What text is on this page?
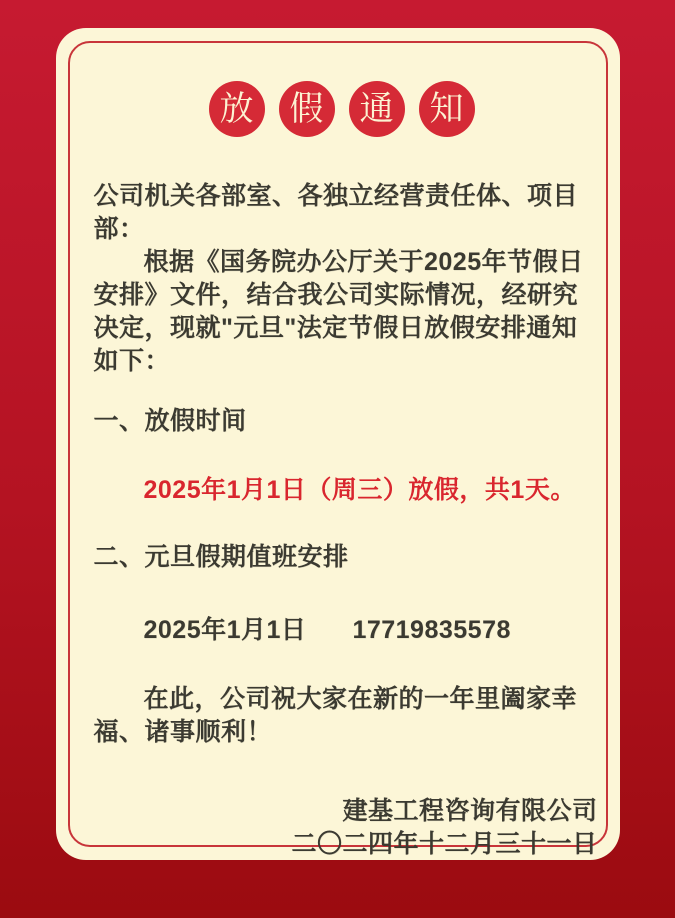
放 假 通 知

公司机关各部室、各独立经营责任体、项目部：

根据《国务院办公厅关于2025年节假日安排》文件，结合我公司实际情况，经研究决定，现就"元旦"法定节假日放假安排通知如下：

一、放假时间

2025年1月1日（周三）放假，共1天。

二、元旦假期值班安排

2025年1月1日 17719835578

在此，公司祝大家在新的一年里阖家幸福、诸事顺利！

建基工程咨询有限公司
二〇二四年十二月三十一日
